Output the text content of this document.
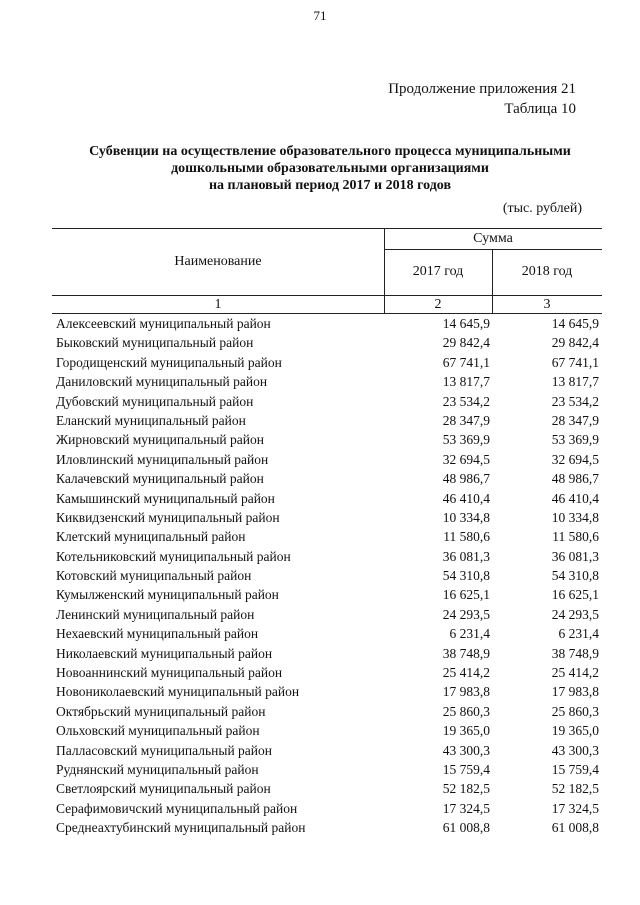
71
Продолжение приложения 21
Таблица 10
Субвенции на осуществление образовательного процесса муниципальными
дошкольными образовательными организациями
на плановый период 2017 и 2018 годов
(тыс. рублей)
Наименование
Сумма
2017 год	2018 год
1	2	3
Алексеевский муниципальный район	14 645,9	14 645,9
Быковский муниципальный район	29 842,4	29 842,4
Городищенский муниципальный район	67 741,1	67 741,1
Даниловский муниципальный район	13 817,7	13 817,7
Дубовский муниципальный район	23 534,2	23 534,2
Еланский муниципальный район	28 347,9	28 347,9
Жирновский муниципальный район	53 369,9	53 369,9
Иловлинский муниципальный район	32 694,5	32 694,5
Калачевский муниципальный район	48 986,7	48 986,7
Камышинский муниципальный район	46 410,4	46 410,4
Киквидзенский муниципальный район	10 334,8	10 334,8
Клетский муниципальный район	11 580,6	11 580,6
Котельниковский муниципальный район	36 081,3	36 081,3
Котовский муниципальный район	54 310,8	54 310,8
Кумылженский муниципальный район	16 625,1	16 625,1
Ленинский муниципальный район	24 293,5	24 293,5
Нехаевский муниципальный район	6 231,4	6 231,4
Николаевский муниципальный район	38 748,9	38 748,9
Новоаннинский муниципальный район	25 414,2	25 414,2
Новониколаевский муниципальный район	17 983,8	17 983,8
Октябрьский муниципальный район	25 860,3	25 860,3
Ольховский муниципальный район	19 365,0	19 365,0
Палласовский муниципальный район	43 300,3	43 300,3
Руднянский муниципальный район	15 759,4	15 759,4
Светлоярский муниципальный район	52 182,5	52 182,5
Серафимовичский муниципальный район	17 324,5	17 324,5
Среднеахтубинский муниципальный район	61 008,8	61 008,8
